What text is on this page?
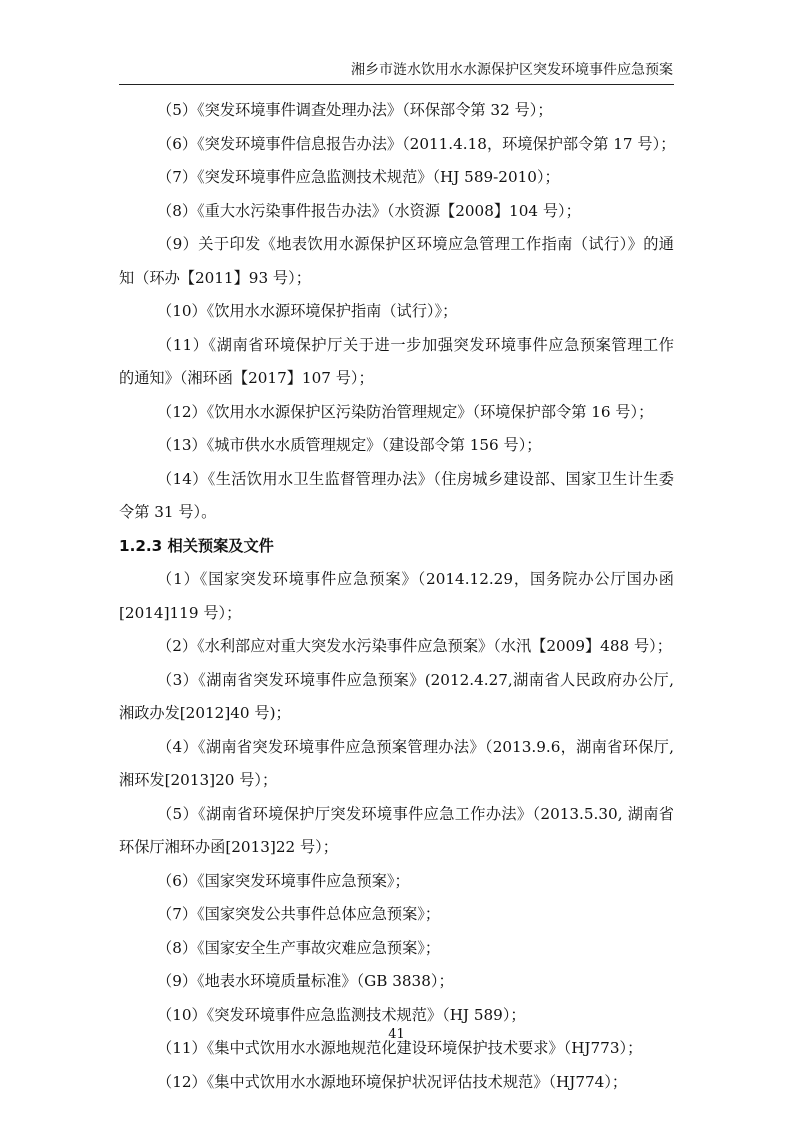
湘乡市涟水饮用水水源保护区突发环境事件应急预案
（5）《突发环境事件调查处理办法》（环保部令第 32 号）；
（6）《突发环境事件信息报告办法》（2011.4.18，环境保护部令第 17 号）；
（7）《突发环境事件应急监测技术规范》（HJ 589-2010）；
（8）《重大水污染事件报告办法》（水资源【2008】104 号）；
（9）关于印发《地表饮用水源保护区环境应急管理工作指南（试行）》的通
知（环办【2011】93 号）；
（10）《饮用水水源环境保护指南（试行）》；
（11）《湖南省环境保护厅关于进一步加强突发环境事件应急预案管理工作
的通知》（湘环函【2017】107 号）；
（12）《饮用水水源保护区污染防治管理规定》（环境保护部令第 16 号）；
（13）《城市供水水质管理规定》（建设部令第 156 号）；
（14）《生活饮用水卫生监督管理办法》（住房城乡建设部、国家卫生计生委
令第 31 号）。
1.2.3 相关预案及文件
（1）《国家突发环境事件应急预案》（2014.12.29，国务院办公厅国办函
[2014]119 号）；
（2）《水利部应对重大突发水污染事件应急预案》（水汛【2009】488 号）；
（3）《湖南省突发环境事件应急预案》(2012.4.27,湖南省人民政府办公厅,
湘政办发[2012]40 号)；
（4）《湖南省突发环境事件应急预案管理办法》（2013.9.6，湖南省环保厅,
湘环发[2013]20 号）；
（5）《湖南省环境保护厅突发环境事件应急工作办法》（2013.5.30, 湖南省
环保厅湘环办函[2013]22 号）；
（6）《国家突发环境事件应急预案》；
（7）《国家突发公共事件总体应急预案》；
（8）《国家安全生产事故灾难应急预案》；
（9）《地表水环境质量标准》（GB 3838）；
（10）《突发环境事件应急监测技术规范》（HJ 589）；
（11）《集中式饮用水水源地规范化建设环境保护技术要求》（HJ773）；
（12）《集中式饮用水水源地环境保护状况评估技术规范》（HJ774）；
41
